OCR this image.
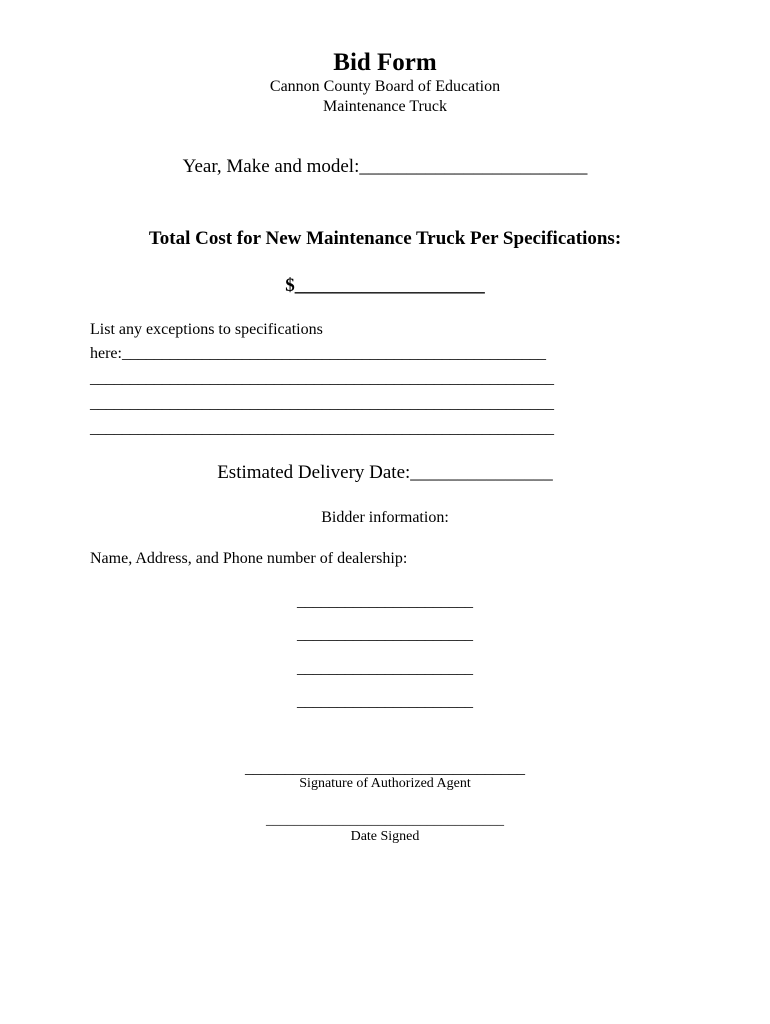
Bid Form
Cannon County Board of Education
Maintenance Truck
Year, Make and model:________________________
Total Cost for New Maintenance Truck Per Specifications:
$____________________
List any exceptions to specifications
here:_____________________________________________________
__________________________________________________________
__________________________________________________________
__________________________________________________________
Estimated Delivery Date:_______________
Bidder information:
Name, Address, and Phone number of dealership:
______________________
______________________
______________________
______________________
___________________________________
Signature of Authorized Agent
__________________________________
Date Signed
